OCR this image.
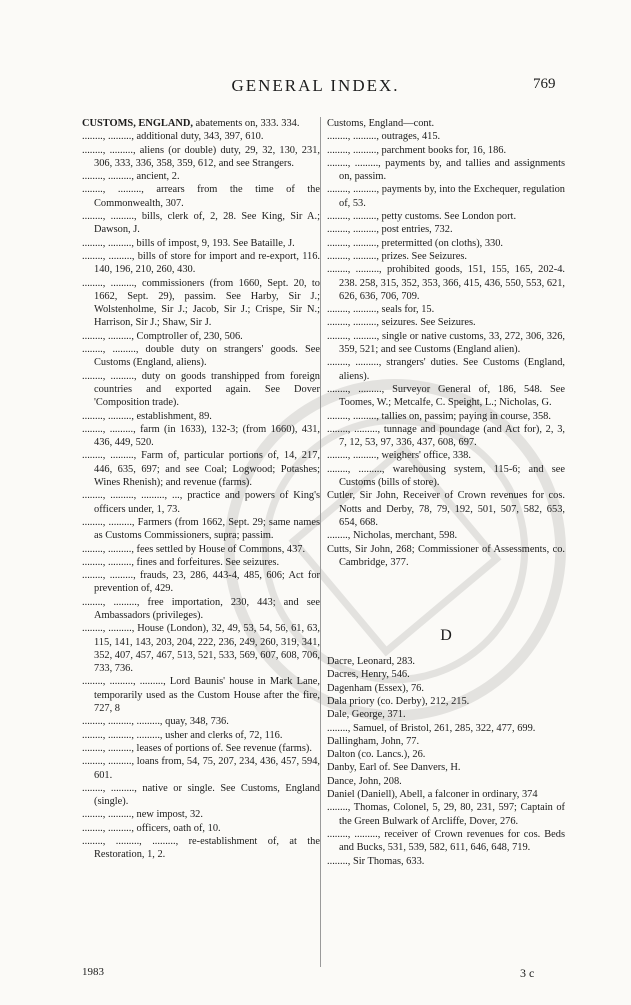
GENERAL INDEX.	769

CUSTOMS, ENGLAND, abatements on, 333. 334.

........, ........., additional duty, 343, 397, 610.

........, ........., aliens (or double) duty, 29, 32, 130, 231, 306, 333, 336, 358, 359, 612, and see Strangers.

........, ........., ancient, 2.

........, ........., arrears from the time of the Commonwealth, 307.

........, ........., bills, clerk of, 2, 28. See King, Sir A.; Dawson, J.

........, ........., bills of impost, 9, 193. See Bataille, J.

........, ........., bills of store for import and re-export, 116. 140, 196, 210, 260, 430.

........, ........., commissioners (from 1660, Sept. 20, to 1662, Sept. 29), passim. See Harby, Sir J.; Wolstenholme, Sir J.; Jacob, Sir J.; Crispe, Sir N.; Harrison, Sir J.; Shaw, Sir J.

........, ........., Comptroller of, 230, 506.

........, ........., double duty on strangers' goods. See Customs (England, aliens).

........, ........., duty on goods transhipped from foreign countries and exported again. See Dover 'Composition trade).

........, ........., establishment, 89.

........, ........., farm (in 1633), 132-3; (from 1660), 431, 436, 449, 520.

........, ........., Farm of, particular portions of, 14, 217, 446, 635, 697; and see Coal; Logwood; Potashes; Wines Rhenish); and revenue (farms).

........, ........., ........., ..., practice and powers of King's officers under, 1, 73.

........, ........., Farmers (from 1662, Sept. 29; same names as Customs Commissioners, supra; passim.

........, ........., fees settled by House of Commons, 437.

........, ........., fines and forfeitures. See seizures.

........, ........., frauds, 23, 286, 443-4, 485, 606; Act for prevention of, 429.

........, ........., free importation, 230, 443; and see Ambassadors (privileges).

........, ........., House (London), 32, 49, 53, 54, 56, 61, 63, 115, 141, 143, 203, 204, 222, 236, 249, 260, 319, 341, 352, 407, 457, 467, 513, 521, 533, 569, 607, 608, 706, 733, 736.

........, ........., ........., Lord Baunis' house in Mark Lane, temporarily used as the Custom House after the fire, 727, 8

........, ........., ........., quay, 348, 736.

........, ........., ........., usher and clerks of, 72, 116.

........, ........., leases of portions of. See revenue (farms).

........, ........., loans from, 54, 75, 207, 234, 436, 457, 594, 601.

........, ........., native or single. See Customs, England (single).

........, ........., new impost, 32.

........, ........., officers, oath of, 10.

........, ........., ........., re-establishment of, at the Restoration, 1, 2.

Customs, England—cont.

........, ........., outrages, 415.

........, ........., parchment books for, 16, 186.

........, ........., payments by, and tallies and assignments on, passim.

........, ........., payments by, into the Exchequer, regulation of, 53.

........, ........., petty customs. See London port.

........, ........., post entries, 732.

........, ........., pretermitted (on cloths), 330.

........, ........., prizes. See Seizures.

........, ........., prohibited goods, 151, 155, 165, 202-4. 238. 258, 315, 352, 353, 366, 415, 436, 550, 553, 621, 626, 636, 706, 709.

........, ........., seals for, 15.

........, ........., seizures. See Seizures.

........, ........., single or native customs, 33, 272, 306, 326, 359, 521; and see Customs (England alien).

........, ........., strangers' duties. See Customs (England, aliens).

........, ........., Surveyor General of, 186, 548. See Toomes, W.; Metcalfe, C. Speight, L.; Nicholas, G.

........, ........., tallies on, passim; paying in course, 358.

........, ........., tunnage and poundage (and Act for), 2, 3, 7, 12, 53, 97, 336, 437, 608, 697.

........, ........., weighers' office, 338.

........, ........., warehousing system, 115-6; and see Customs (bills of store).

Cutler, Sir John, Receiver of Crown revenues for cos. Notts and Derby, 78, 79, 192, 501, 507, 582, 653, 654, 668.

........, Nicholas, merchant, 598.

Cutts, Sir John, 268; Commissioner of Assessments, co. Cambridge, 377.

D

Dacre, Leonard, 283.

Dacres, Henry, 546.

Dagenham (Essex), 76.

Dala priory (co. Derby), 212, 215.

Dale, George, 371.

........, Samuel, of Bristol, 261, 285, 322, 477, 699.

Dallingham, John, 77.

Dalton (co. Lancs.), 26.

Danby, Earl of. See Danvers, H.

Dance, John, 208.

Daniel (Daniell), Abell, a falconer in ordinary, 374

........, Thomas, Colonel, 5, 29, 80, 231, 597; Captain of the Green Bulwark of Arcliffe, Dover, 276.

........, ........., receiver of Crown revenues for cos. Beds and Bucks, 531, 539, 582, 611, 646, 648, 719.

........, Sir Thomas, 633.

1983	3 c
